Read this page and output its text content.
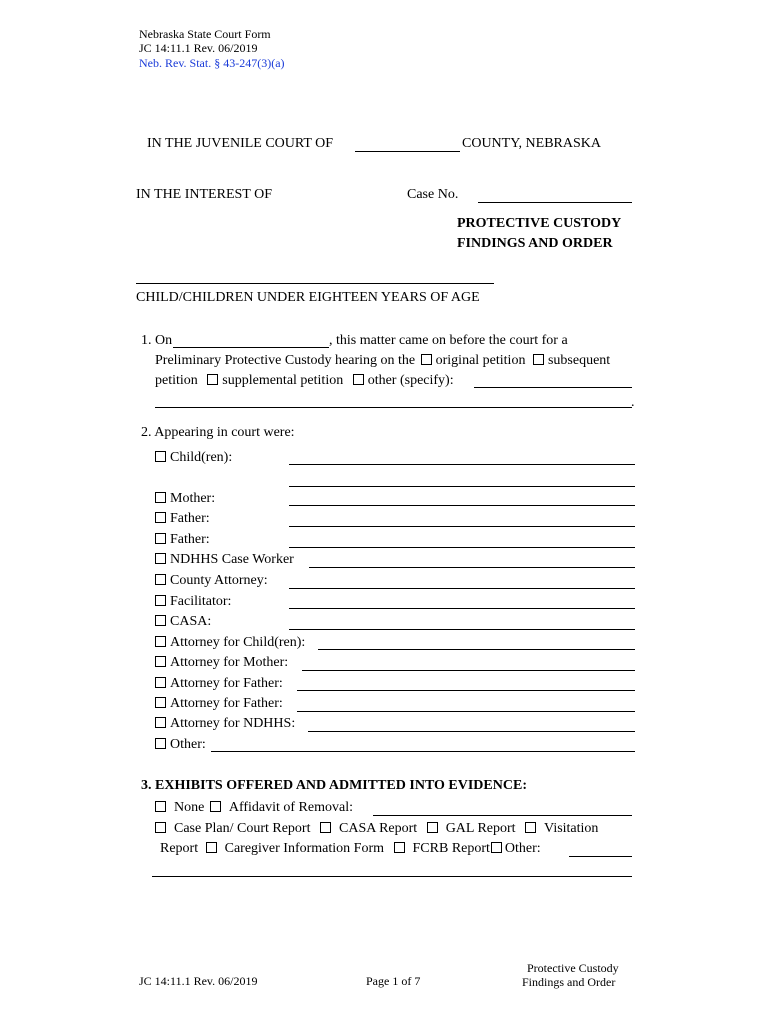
Nebraska State Court Form
JC 14:11.1 Rev. 06/2019
Neb. Rev. Stat. § 43-247(3)(a)
IN THE JUVENILE COURT OF	COUNTY, NEBRASKA
IN THE INTEREST OF	Case No.
PROTECTIVE CUSTODY
FINDINGS AND ORDER
CHILD/CHILDREN UNDER EIGHTEEN YEARS OF AGE
1. On	, this matter came on before the court for a
Preliminary Protective Custody hearing on the original petition subsequent
petition supplemental petition other (specify):
.
2. Appearing in court were:
Child(ren):
Mother:
Father:
Father:
NDHHS Case Worker
County Attorney:
Facilitator:
CASA:
Attorney for Child(ren):
Attorney for Mother:
Attorney for Father:
Attorney for Father:
Attorney for NDHHS:
Other:
3. EXHIBITS OFFERED AND ADMITTED INTO EVIDENCE:
None Affidavit of Removal:
Case Plan/ Court Report CASA Report GAL Report Visitation
Report Caregiver Information Form FCRB Report Other:
JC 14:11.1 Rev. 06/2019	Page 1 of 7
Protective Custody
Findings and Order
